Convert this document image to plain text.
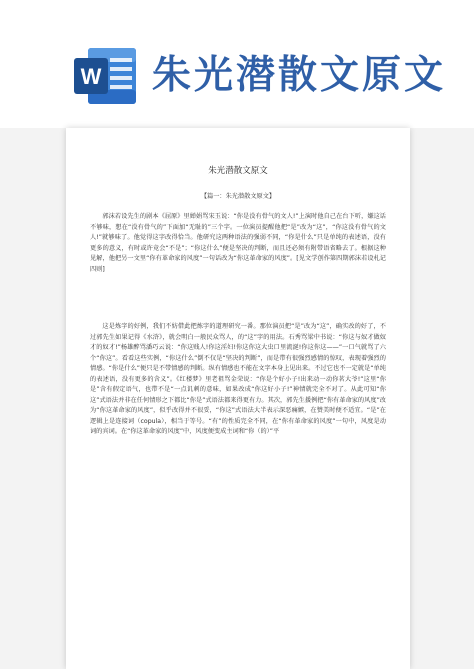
W 朱光潜散文原文
朱光潜散文原文
【篇一：朱光潜散文原文】

郭沫若设先生的剧本《屈原》里婵娟骂宋玉说：“你是没有骨气的文人!”上演时他自己在台下听，嫌这话不够味，想在“没有骨气的”下面加“无耻的”三个字。一位演员提醒他把“是”改为“这”，“你这没有骨气的文人!”就够味了。他觉得这字改得恰当。他研究这两种语法的强弱不同，“你是什么”只是单纯的表述语，没有更多的意义，有时或许竟会“不是”；“你这什么”便是坚决的判断，而且还必须有附带语省略去了。根据这种见解，他把另一文里“你有革命家的风度”一句话改为“你这革命家的风度”。[见文学创作第四期郭沫若设札记四则]

这是炼字的好例，我们不妨借此把炼字的道理研究一番。那位演员把“是”改为“这”，确实改的好了，不过郭先生如果记得《水浒》，就会明白一般民众骂人，的“这”字的用法。石秀骂梁中书说：“你这与奴才做奴才的奴才!”杨雄醉骂潘巧云说：“你这贱人!你这淫妇!你这你这大虫口里流涎!你这你这——”一口气就骂了六个“你这”。看看这些实例，“你这什么”倒不仅是“坚决的判断”，而是带有很强烈感情的惊叹，表现着强烈的情感。“你是什么”便只是不带情感的判断。纵有情感也不能在文字本身上见出来。不过它也不一定就是“单纯的表述语，没有更多的含义”。《红楼梦》里老祖骂金荣说：“你是个好小子!出来动一动你茗大爷!”这里“你是”含有假定语气，也带不是“一点讥刺的意味，如果改成“你这好小子!”神情就完全不对了。从此可知“你这”式语法并非在任何情形之下都比“你是”式语法都来得更有力。其次，郭先生援例把“你有革命家的风度”改为“你这革命家的风度”，似乎改得并不很妥，“你这”式语法大半表示深恶痛嫉，在赞美时便不适宜。“是”在逻辑上是连接词（copula），相当于等号。“有”的性质完全不同，在“你有革命家的风度”一句中，风度是动词的宾词。在“你这革命家的风度”中，风度便变成主词和“你（的）”平
